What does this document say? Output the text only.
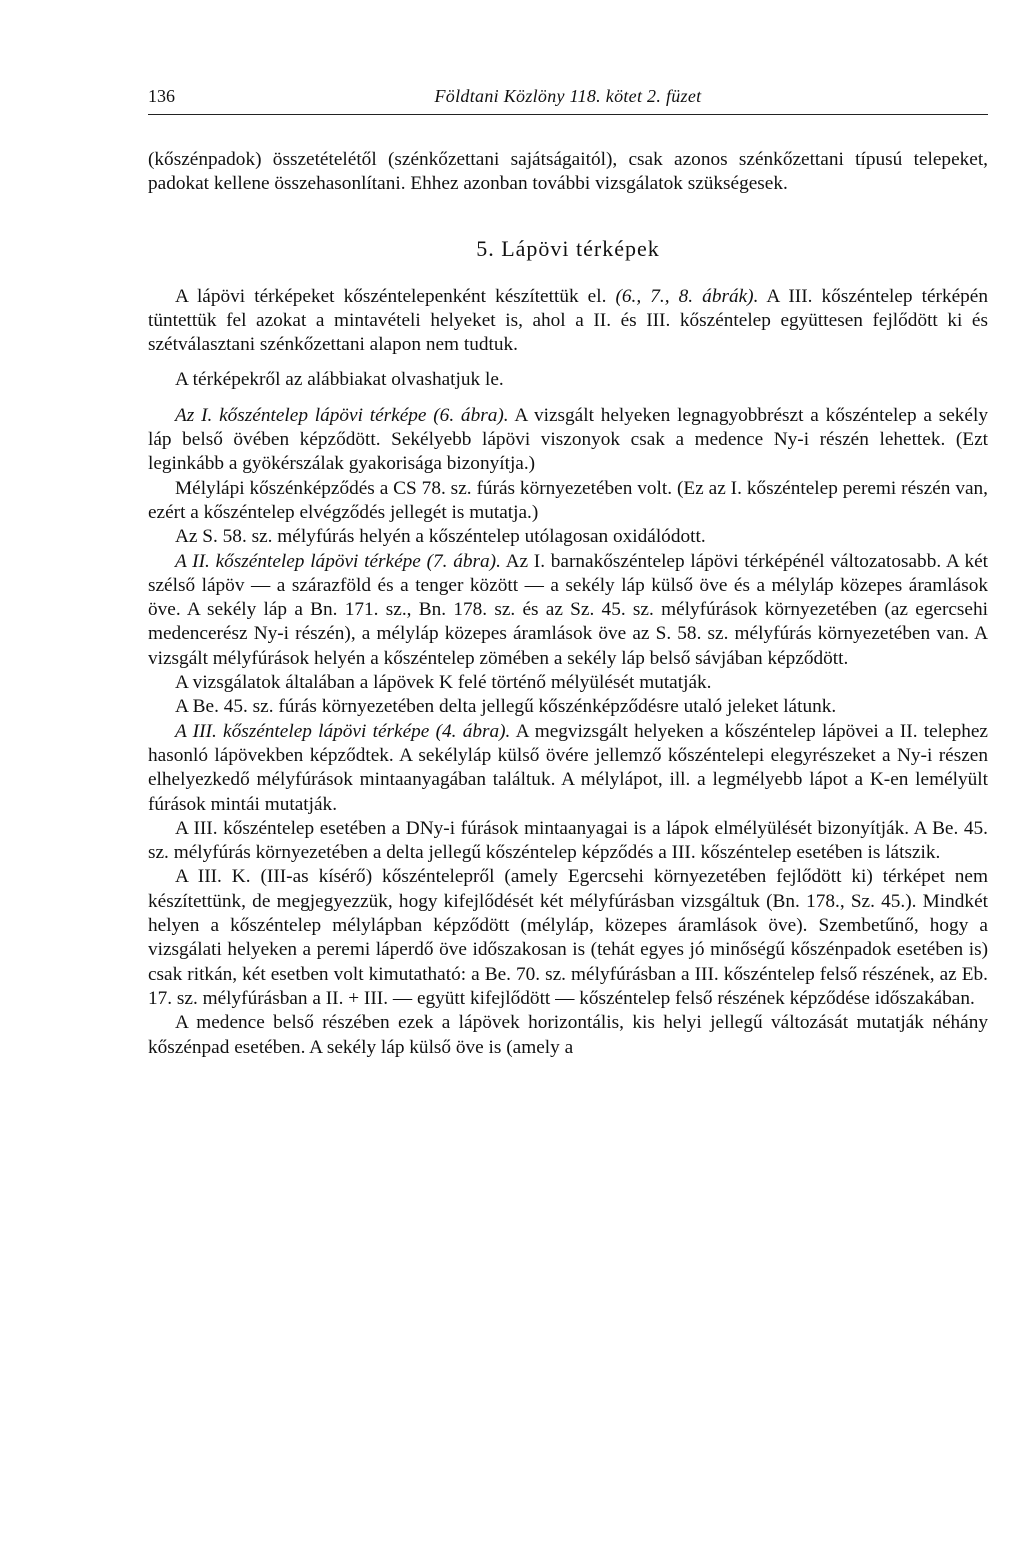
136	Földtani Közlöny 118. kötet 2. füzet

(kőszénpadok) összetételétől (szénkőzettani sajátságaitól), csak azonos szénkőzettani típusú telepeket, padokat kellene összehasonlítani. Ehhez azonban további vizsgálatok szükségesek.

5. Lápövi térképek

A lápövi térképeket kőszéntelepenként készítettük el. (6., 7., 8. ábrák). A III. kőszéntelep térképén tüntettük fel azokat a mintavételi helyeket is, ahol a II. és III. kőszéntelep együttesen fejlődött ki és szétválasztani szénkőzettani alapon nem tudtuk.

A térképekről az alábbiakat olvashatjuk le.

Az I. kőszéntelep lápövi térképe (6. ábra). A vizsgált helyeken legnagyobbrészt a kőszéntelep a sekély láp belső övében képződött. Sekélyebb lápövi viszonyok csak a medence Ny-i részén lehettek. (Ezt leginkább a gyökérszálak gyakorisága bizonyítja.)

Mélylápi kőszénképződés a CS 78. sz. fúrás környezetében volt. (Ez az I. kőszéntelep peremi részén van, ezért a kőszéntelep elvégződés jellegét is mutatja.)

Az S. 58. sz. mélyfúrás helyén a kőszéntelep utólagosan oxidálódott.

A II. kőszéntelep lápövi térképe (7. ábra). Az I. barnakőszéntelep lápövi térképénél változatosabb. A két szélső lápöv — a szárazföld és a tenger között — a sekély láp külső öve és a mélyláp közepes áramlások öve. A sekély láp a Bn. 171. sz., Bn. 178. sz. és az Sz. 45. sz. mélyfúrások környezetében (az egercsehi medencerész Ny-i részén), a mélyláp közepes áramlások öve az S. 58. sz. mélyfúrás környezetében van. A vizsgált mélyfúrások helyén a kőszéntelep zömében a sekély láp belső sávjában képződött.

A vizsgálatok általában a lápövek K felé történő mélyülését mutatják.

A Be. 45. sz. fúrás környezetében delta jellegű kőszénképződésre utaló jeleket látunk.

A III. kőszéntelep lápövi térképe (4. ábra). A megvizsgált helyeken a kőszéntelep lápövei a II. telephez hasonló lápövekben képződtek. A sekélyláp külső övére jellemző kőszéntelepi elegyrészeket a Ny-i részen elhelyezkedő mélyfúrások mintaanyagában találtuk. A mélylápot, ill. a legmélyebb lápot a K-en lemélyült fúrások mintái mutatják.

A III. kőszéntelep esetében a DNy-i fúrások mintaanyagai is a lápok elmélyülését bizonyítják. A Be. 45. sz. mélyfúrás környezetében a delta jellegű kőszéntelep képződés a III. kőszéntelep esetében is látszik.

A III. K. (III-as kísérő) kőszéntelepről (amely Egercsehi környezetében fejlődött ki) térképet nem készítettünk, de megjegyezzük, hogy kifejlődését két mélyfúrásban vizsgáltuk (Bn. 178., Sz. 45.). Mindkét helyen a kőszéntelep mélylápban képződött (mélyláp, közepes áramlások öve). Szembetűnő, hogy a vizsgálati helyeken a peremi láperdő öve időszakosan is (tehát egyes jó minőségű kőszénpadok esetében is) csak ritkán, két esetben volt kimutatható: a Be. 70. sz. mélyfúrásban a III. kőszéntelep felső részének, az Eb. 17. sz. mélyfúrásban a II. + III. — együtt kifejlődött — kőszéntelep felső részének képződése időszakában.

A medence belső részében ezek a lápövek horizontális, kis helyi jellegű változását mutatják néhány kőszénpad esetében. A sekély láp külső öve is (amely a
